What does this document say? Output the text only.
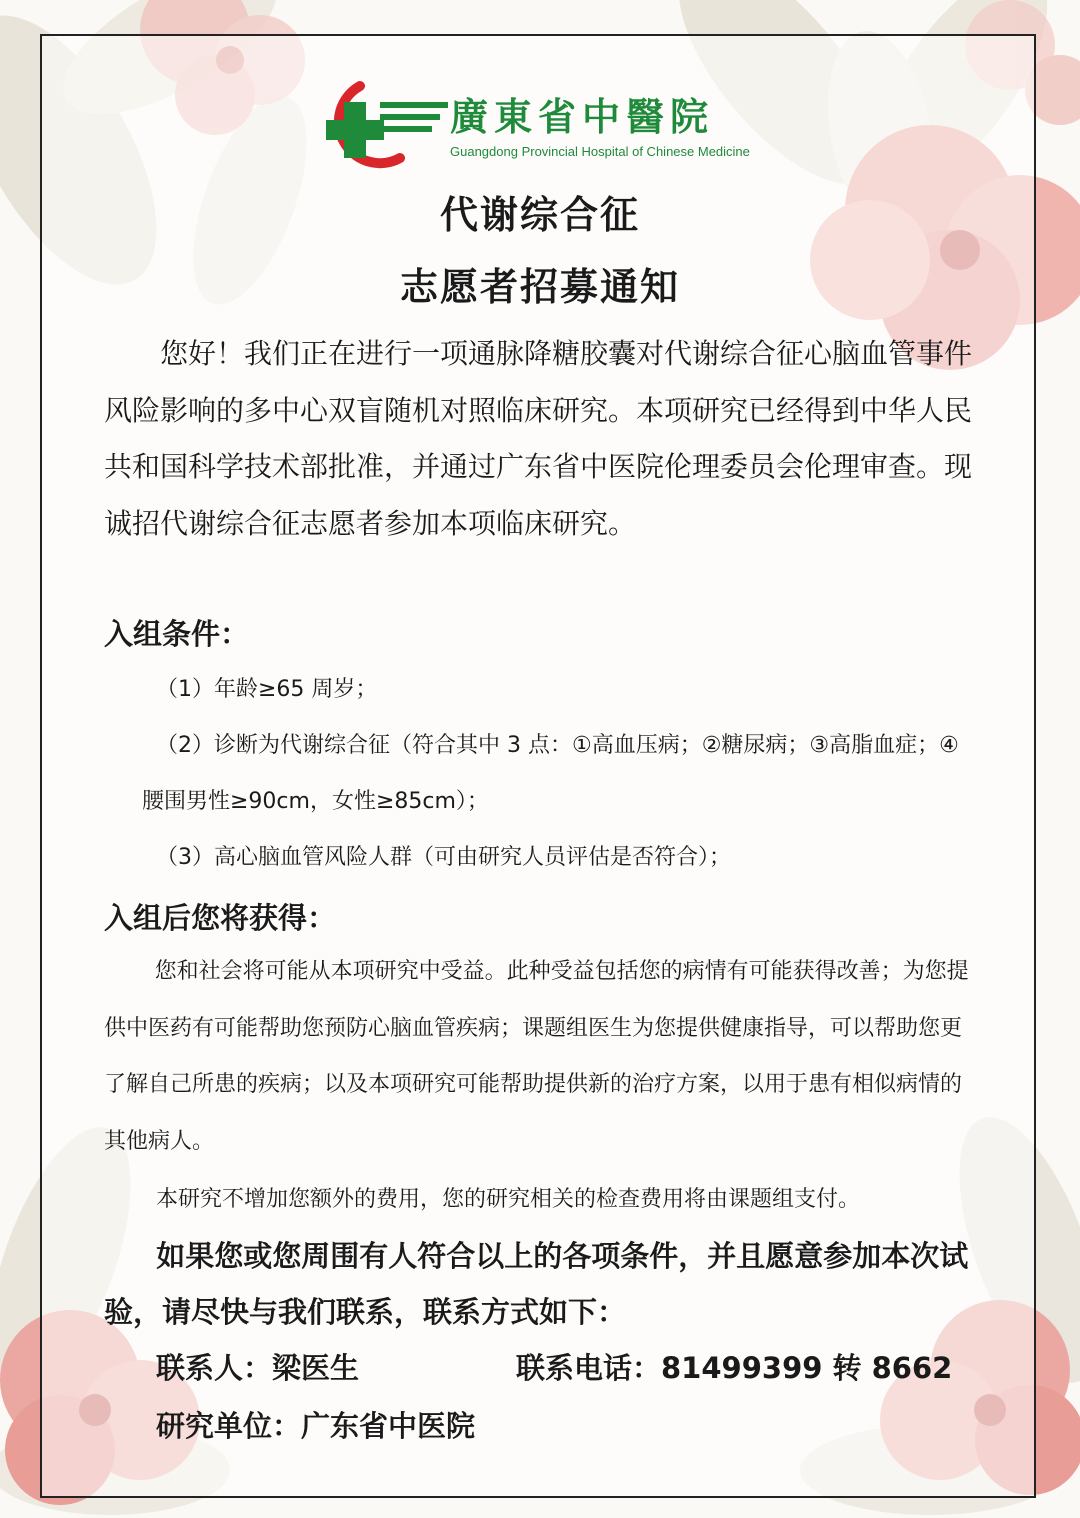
廣東省中醫院
Guangdong Provincial Hospital of Chinese Medicine
代谢综合征
志愿者招募通知

您好！我们正在进行一项通脉降糖胶囊对代谢综合征心脑血管事件风险影响的多中心双盲随机对照临床研究。本项研究已经得到中华人民共和国科学技术部批准，并通过广东省中医院伦理委员会伦理审查。现诚招代谢综合征志愿者参加本项临床研究。

入组条件：

（1）年龄≥65 周岁；

（2）诊断为代谢综合征（符合其中 3 点：①高血压病；②糖尿病；③高脂血症；④腰围男性≥90cm，女性≥85cm）；

（3）高心脑血管风险人群（可由研究人员评估是否符合）；

入组后您将获得：

您和社会将可能从本项研究中受益。此种受益包括您的病情有可能获得改善；为您提供中医药有可能帮助您预防心脑血管疾病；课题组医生为您提供健康指导，可以帮助您更了解自己所患的疾病；以及本项研究可能帮助提供新的治疗方案，以用于患有相似病情的其他病人。

本研究不增加您额外的费用，您的研究相关的检查费用将由课题组支付。

如果您或您周围有人符合以上的各项条件，并且愿意参加本次试验，请尽快与我们联系，联系方式如下：

联系人：梁医生	联系电话：81499399 转 8662
研究单位：广东省中医院
